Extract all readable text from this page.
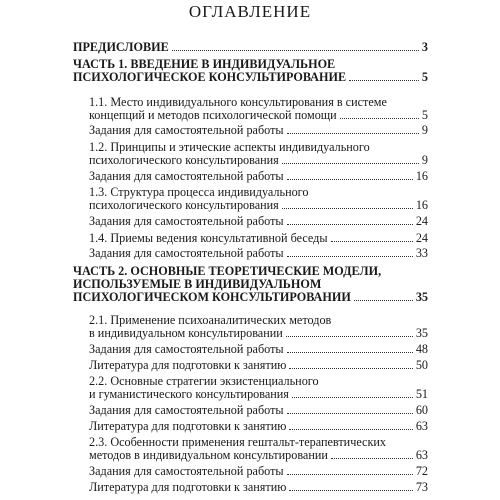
ОГЛАВЛЕНИЕ
ПРЕДИСЛОВИЕ	3
ЧАСТЬ 1. ВВЕДЕНИЕ В ИНДИВИДУАЛЬНОЕ
ПСИХОЛОГИЧЕСКОЕ КОНСУЛЬТИРОВАНИЕ	5
1.1. Место индивидуального консультирования в системе
концепций и методов психологической помощи	5
Задания для самостоятельной работы	9
1.2. Принципы и этические аспекты индивидуального
психологического консультирования	9
Задания для самостоятельной работы	16
1.3. Структура процесса индивидуального
психологического консультирования	16
Задания для самостоятельной работы	24
1.4. Приемы ведения консультативной беседы	24
Задания для самостоятельной работы	33
ЧАСТЬ 2. ОСНОВНЫЕ ТЕОРЕТИЧЕСКИЕ МОДЕЛИ,
ИСПОЛЬЗУЕМЫЕ В ИНДИВИДУАЛЬНОМ
ПСИХОЛОГИЧЕСКОМ КОНСУЛЬТИРОВАНИИ	35
2.1. Применение психоаналитических методов
в индивидуальном консультировании	35
Задания для самостоятельной работы	48
Литература для подготовки к занятию	50
2.2. Основные стратегии экзистенциального
и гуманистического консультирования	51
Задания для самостоятельной работы	60
Литература для подготовки к занятию	63
2.3. Особенности применения гештальт-терапевтических
методов в индивидуальном консультировании	63
Задания для самостоятельной работы	72
Литература для подготовки к занятию	73
